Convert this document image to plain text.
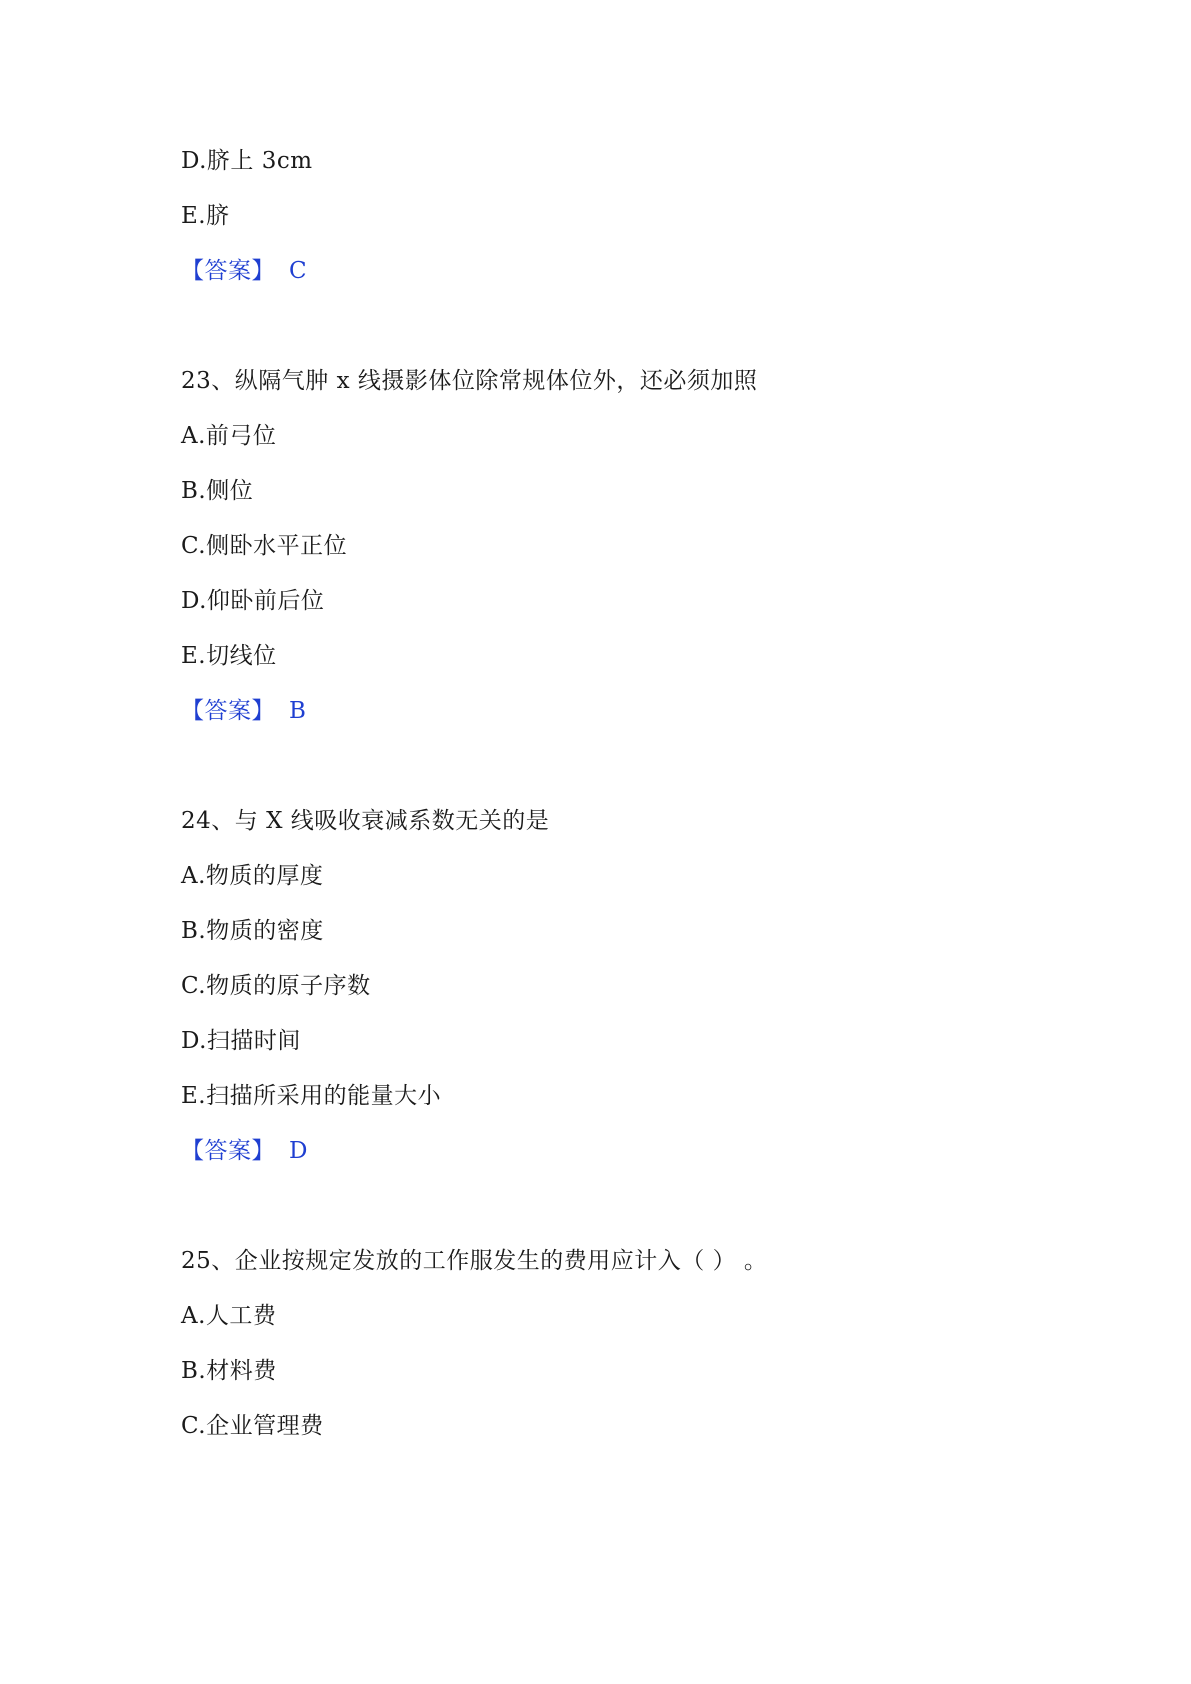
D.脐上 3cm
E.脐
【答案】 C
23、纵隔气肿 x 线摄影体位除常规体位外，还必须加照
A.前弓位
B.侧位
C.侧卧水平正位
D.仰卧前后位
E.切线位
【答案】 B
24、与 X 线吸收衰减系数无关的是
A.物质的厚度
B.物质的密度
C.物质的原子序数
D.扫描时间
E.扫描所采用的能量大小
【答案】 D
25、企业按规定发放的工作服发生的费用应计入（ ） 。
A.人工费
B.材料费
C.企业管理费
